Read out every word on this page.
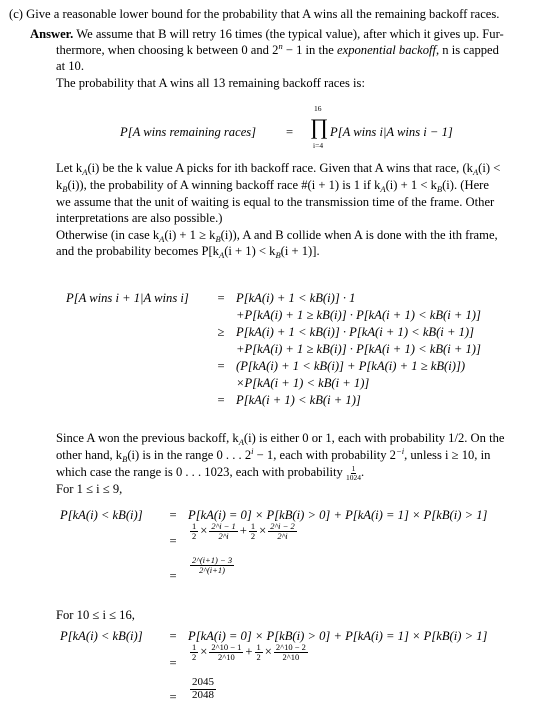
(c) Give a reasonable lower bound for the probability that A wins all the remaining backoff races.
Answer. We assume that B will retry 16 times (the typical value), after which it gives up. Fur-
thermore, when choosing k between 0 and $2^n - 1$ in the exponential backoff, n is capped
at 10.
The probability that A wins all 13 remaining backoff races is:
P[A wins remaining races] =
16
∏
i=4
P[A wins i|A wins i − 1]
Let $k_A(i)$ be the k value A picks for ith backoff race. Given that A wins that race, ($k_A(i)$ <
$k_B(i)$), the probability of A winning backoff race #(i + 1) is 1 if $k_A(i) + 1 < k_B(i)$. (Here
we assume that the unit of waiting is equal to the transmission time of the frame. Other
interpretations are also possible.)
Otherwise (in case $k_A(i) + 1 \ge k_B(i)$), A and B collide when A is done with the ith frame,
and the probability becomes $P[k_A(i + 1) < k_B(i + 1)]$.
P[A wins i + 1|A wins i] = P[kA(i) + 1 < kB(i)] · 1
+P[kA(i) + 1 ≥ kB(i)] · P[kA(i + 1) < kB(i + 1)]
≥ P[kA(i) + 1 < kB(i)] · P[kA(i + 1) < kB(i + 1)]
+P[kA(i) + 1 ≥ kB(i)] · P[kA(i + 1) < kB(i + 1)]
= (P[kA(i) + 1 < kB(i)] + P[kA(i) + 1 ≥ kB(i)])
×P[kA(i + 1) < kB(i + 1)]
= P[kA(i + 1) < kB(i + 1)]
Since A won the previous backoff, $k_A(i)$ is either 0 or 1, each with probability 1/2. On the
other hand, $k_B(i)$ is in the range 0 . . . $2^i - 1$, each with probability $2^{-i}$, unless i ≥ 10, in
which case the range is 0 . . . 1023, each with probability $\frac{1}{1024}$ .
For 1 ≤ i ≤ 9,
P[kA(i) < kB(i)] = P[kA(i) = 0] × P[kB(i) > 0] + P[kA(i) = 1] × P[kB(i) > 1]
=
$\frac{1}{2} \times \frac{2\^{}i - 1}{2\^{}i} + \frac{1}{2} \times \frac{2\^{}i - 2}{2\^{}i}$
=
$\frac{2\^{}(i+1) - 3}{2\^{}(i+1)}$
For 10 ≤ i ≤ 16,
P[kA(i) < kB(i)] = P[kA(i) = 0] × P[kB(i) > 0] + P[kA(i) = 1] × P[kB(i) > 1]
=
$\frac{1}{2} \times \frac{2\^{}10 - 1}{2\^{}10} + \frac{1}{2} \times \frac{2\^{}10 - 2}{2\^{}10}$
=	$\frac{2045}{2048}$
